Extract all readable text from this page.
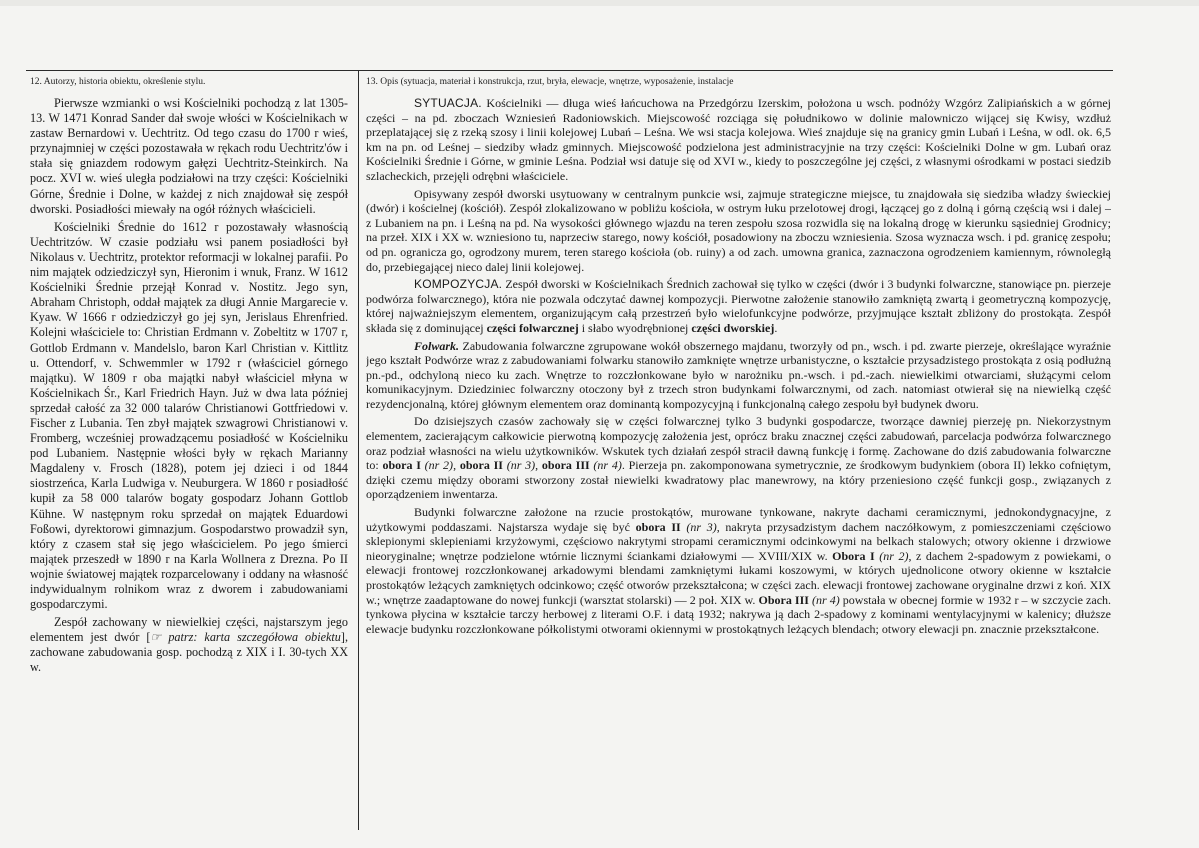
12. Autorzy, historia obiektu, określenie stylu.	13. Opis (sytuacja, materiał i konstrukcja, rzut, bryła, elewacje, wnętrze, wyposażenie, instalacje

Pierwsze wzmianki o wsi Kościelniki pochodzą z lat 1305-13. W 1471 Konrad Sander dał swoje włości w Kościelnikach w zastaw Bernardowi v. Uechtritz. Od tego czasu do 1700 r wieś, przynajmniej w części pozostawała w rękach rodu Uechtritz'ów i stała się gniazdem rodowym gałęzi Uechtritz-Steinkirch. Na pocz. XVI w. wieś uległa podziałowi na trzy części: Kościelniki Górne, Średnie i Dolne, w każdej z nich znajdował się zespół dworski. Posiadłości miewały na ogół różnych właścicieli.

Kościelniki Średnie do 1612 r pozostawały własnością Uechtritzów. W czasie podziału wsi panem posiadłości był Nikolaus v. Uechtritz, protektor reformacji w lokalnej parafii. Po nim majątek odziedziczył syn, Hieronim i wnuk, Franz. W 1612 Kościelniki Średnie przejął Konrad v. Nostitz. Jego syn, Abraham Christoph, oddał majątek za długi Annie Margarecie v. Kyaw. W 1666 r odziedziczył go jej syn, Jerislaus Ehrenfried. Kolejni właściciele to: Christian Erdmann v. Zobeltitz w 1707 r, Gottlob Erdmann v. Mandelslo, baron Karl Christian v. Kittlitz u. Ottendorf, v. Schwemmler w 1792 r (właściciel górnego majątku). W 1809 r oba majątki nabył właściciel młyna w Kościelnikach Śr., Karl Friedrich Hayn. Już w dwa lata później sprzedał całość za 32 000 talarów Christianowi Gottfriedowi v. Fischer z Lubania. Ten zbył majątek szwagrowi Christianowi v. Fromberg, wcześniej prowadzącemu posiadłość w Kościelniku pod Lubaniem. Następnie włości były w rękach Marianny Magdaleny v. Frosch (1828), potem jej dzieci i od 1844 siostrzeńca, Karla Ludwiga v. Neuburgera. W 1860 r posiadłość kupił za 58 000 talarów bogaty gospodarz Johann Gottlob Kühne. W następnym roku sprzedał on majątek Eduardowi Foßowi, dyrektorowi gimnazjum. Gospodarstwo prowadził syn, który z czasem stał się jego właścicielem. Po jego śmierci majątek przeszedł w 1890 r na Karla Wollnera z Drezna. Po II wojnie światowej majątek rozparcelowany i oddany na własność indywidualnym rolnikom wraz z dworem i zabudowaniami gospodarczymi.

Zespół zachowany w niewielkiej części, najstarszym jego elementem jest dwór [☞ patrz: karta szczegółowa obiektu], zachowane zabudowania gosp. pochodzą z XIX i I. 30-tych XX w.

SYTUACJA. Kościelniki — długa wieś łańcuchowa na Przedgórzu Izerskim, położona u wsch. podnóży Wzgórz Zalipiańskich a w górnej części – na pd. zboczach Wzniesień Radoniowskich. Miejscowość rozciąga się południkowo w dolinie malowniczo wijącej się Kwisy, wzdłuż przeplatającej się z rzeką szosy i linii kolejowej Lubań – Leśna. We wsi stacja kolejowa. Wieś znajduje się na granicy gmin Lubań i Leśna, w odl. ok. 6,5 km na pn. od Leśnej – siedziby władz gminnych. Miejscowość podzielona jest administracyjnie na trzy części: Kościelniki Dolne w gm. Lubań oraz Kościelniki Średnie i Górne, w gminie Leśna. Podział wsi datuje się od XVI w., kiedy to poszczególne jej części, z własnymi ośrodkami w postaci siedzib szlacheckich, przejęli odrębni właściciele.

Opisywany zespół dworski usytuowany w centralnym punkcie wsi, zajmuje strategiczne miejsce, tu znajdowała się siedziba władzy świeckiej (dwór) i kościelnej (kościół). Zespół zlokalizowano w pobliżu kościoła, w ostrym łuku przelotowej drogi, łączącej go z dolną i górną częścią wsi i dalej – z Lubaniem na pn. i Leśną na pd. Na wysokości głównego wjazdu na teren zespołu szosa rozwidla się na lokalną drogę w kierunku sąsiedniej Grodnicy; na przeł. XIX i XX w. wzniesiono tu, naprzeciw starego, nowy kościół, posadowiony na zboczu wzniesienia. Szosa wyznacza wsch. i pd. granicę zespołu; od pn. ogranicza go, ogrodzony murem, teren starego kościoła (ob. ruiny) a od zach. umowna granica, zaznaczona ogrodzeniem kamiennym, równoległą do, przebiegającej nieco dalej linii kolejowej.

KOMPOZYCJA. Zespół dworski w Kościelnikach Średnich zachował się tylko w części (dwór i 3 budynki folwarczne, stanowiące pn. pierzeje podwórza folwarcznego), która nie pozwala odczytać dawnej kompozycji. Pierwotne założenie stanowiło zamkniętą zwartą i geometryczną kompozycję, której najważniejszym elementem, organizującym całą przestrzeń było wielofunkcyjne podwórze, przyjmujące kształt zbliżony do prostokąta. Zespół składa się z dominującej części folwarcznej i słabo wyodrębnionej części dworskiej.

Folwark. Zabudowania folwarczne zgrupowane wokół obszernego majdanu, tworzyły od pn., wsch. i pd. zwarte pierzeje, określające wyraźnie jego kształt Podwórze wraz z zabudowaniami folwarku stanowiło zamknięte wnętrze urbanistyczne, o kształcie przysadzistego prostokąta z osią podłużną pn.-pd., odchyloną nieco ku zach. Wnętrze to rozczłonkowane było w narożniku pn.-wsch. i pd.-zach. niewielkimi otwarciami, służącymi celom komunikacyjnym. Dziedziniec folwarczny otoczony był z trzech stron budynkami folwarcznymi, od zach. natomiast otwierał się na niewielką część rezydencjonalną, której głównym elementem oraz dominantą kompozycyjną i funkcjonalną całego zespołu był budynek dworu.

Do dzisiejszych czasów zachowały się w części folwarcznej tylko 3 budynki gospodarcze, tworzące dawniej pierzeję pn. Niekorzystnym elementem, zacierającym całkowicie pierwotną kompozycję założenia jest, oprócz braku znacznej części zabudowań, parcelacja podwórza folwarcznego oraz podział własności na wielu użytkowników. Wskutek tych działań zespół stracił dawną funkcję i formę. Zachowane do dziś zabudowania folwarczne to: obora I (nr 2), obora II (nr 3), obora III (nr 4). Pierzeja pn. zakomponowana symetrycznie, ze środkowym budynkiem (obora II) lekko cofniętym, dzięki czemu między oborami stworzony został niewielki kwadratowy plac manewrowy, na który przeniesiono część funkcji gosp., związanych z oporządzeniem inwentarza.

Budynki folwarczne założone na rzucie prostokątów, murowane tynkowane, nakryte dachami ceramicznymi, jednokondygnacyjne, z użytkowymi poddaszami. Najstarsza wydaje się być obora II (nr 3), nakryta przysadzistym dachem naczółkowym, z pomieszczeniami częściowo sklepionymi sklepieniami krzyżowymi, częściowo nakrytymi stropami ceramicznymi odcinkowymi na belkach stalowych; otwory okienne i drzwiowe nieoryginalne; wnętrze podzielone wtórnie licznymi ściankami działowymi — XVIII/XIX w. Obora I (nr 2), z dachem 2-spadowym z powiekami, o elewacji frontowej rozczłonkowanej arkadowymi blendami zamkniętymi łukami koszowymi, w których ujednolicone otwory okienne w kształcie prostokątów leżących zamkniętych odcinkowo; część otworów przekształcona; w części zach. elewacji frontowej zachowane oryginalne drzwi z koń. XIX w.; wnętrze zaadaptowane do nowej funkcji (warsztat stolarski) — 2 poł. XIX w. Obora III (nr 4) powstała w obecnej formie w 1932 r – w szczycie zach. tynkowa płycina w kształcie tarczy herbowej z literami O.F. i datą 1932; nakrywa ją dach 2-spadowy z kominami wentylacyjnymi w kalenicy; dłuższe elewacje budynku rozczłonkowane półkolistymi otworami okiennymi w prostokątnych leżących blendach; otwory elewacji pn. znacznie przekształcone.
